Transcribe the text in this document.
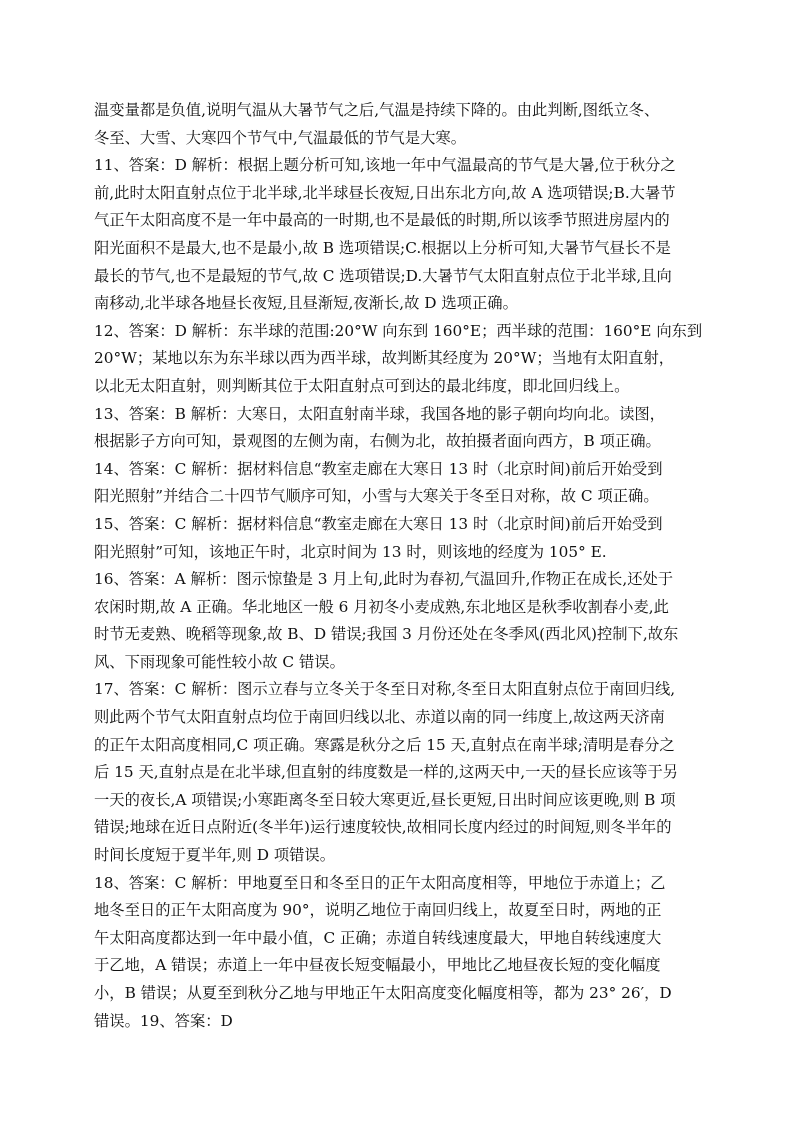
温变量都是负值,说明气温从大暑节气之后,气温是持续下降的。由此判断,图纸立冬、
冬至、大雪、大寒四个节气中,气温最低的节气是大寒。
11、答案：D 解析：根据上题分析可知,该地一年中气温最高的节气是大暑,位于秋分之
前,此时太阳直射点位于北半球,北半球昼长夜短,日出东北方向,故 A 选项错误;B.大暑节
气正午太阳高度不是一年中最高的一时期,也不是最低的时期,所以该季节照进房屋内的
阳光面积不是最大,也不是最小,故 B 选项错误;C.根据以上分析可知,大暑节气昼长不是
最长的节气,也不是最短的节气,故 C 选项错误;D.大暑节气太阳直射点位于北半球,且向
南移动,北半球各地昼长夜短,且昼渐短,夜渐长,故 D 选项正确。
12、答案：D 解析：东半球的范围:20°W 向东到 160°E；西半球的范围：160°E 向东到
20°W；某地以东为东半球以西为西半球，故判断其经度为 20°W；当地有太阳直射，
以北无太阳直射，则判断其位于太阳直射点可到达的最北纬度，即北回归线上。
13、答案：B 解析：大寒日，太阳直射南半球，我国各地的影子朝向均向北。读图，
根据影子方向可知，景观图的左侧为南，右侧为北，故拍摄者面向西方，B 项正确。
14、答案：C 解析：据材料信息“教室走廊在大寒日 13 时（北京时间)前后开始受到
阳光照射”并结合二十四节气顺序可知，小雪与大寒关于冬至日对称，故 C 项正确。
15、答案：C 解析：据材料信息“教室走廊在大寒日 13 时（北京时间)前后开始受到
阳光照射”可知，该地正午时，北京时间为 13 时，则该地的经度为 105° E.
16、答案：A 解析：图示惊蛰是 3 月上旬,此时为春初,气温回升,作物正在成长,还处于
农闲时期,故 A 正确。华北地区一般 6 月初冬小麦成熟,东北地区是秋季收割春小麦,此
时节无麦熟、晚稻等现象,故 B、D 错误;我国 3 月份还处在冬季风(西北风)控制下,故东
风、下雨现象可能性较小故 C 错误。
17、答案：C 解析：图示立春与立冬关于冬至日对称,冬至日太阳直射点位于南回归线,
则此两个节气太阳直射点均位于南回归线以北、赤道以南的同一纬度上,故这两天济南
的正午太阳高度相同,C 项正确。寒露是秋分之后 15 天,直射点在南半球;清明是春分之
后 15 天,直射点是在北半球,但直射的纬度数是一样的,这两天中,一天的昼长应该等于另
一天的夜长,A 项错误;小寒距离冬至日较大寒更近,昼长更短,日出时间应该更晚,则 B 项
错误;地球在近日点附近(冬半年)运行速度较快,故相同长度内经过的时间短,则冬半年的
时间长度短于夏半年,则 D 项错误。
18、答案：C 解析：甲地夏至日和冬至日的正午太阳高度相等，甲地位于赤道上；乙
地冬至日的正午太阳高度为 90°，说明乙地位于南回归线上，故夏至日时，两地的正
午太阳高度都达到一年中最小值，C 正确；赤道自转线速度最大，甲地自转线速度大
于乙地，A 错误；赤道上一年中昼夜长短变幅最小，甲地比乙地昼夜长短的变化幅度
小，B 错误；从夏至到秋分乙地与甲地正午太阳高度变化幅度相等，都为 23° 26′，D
错误。19、答案：D
